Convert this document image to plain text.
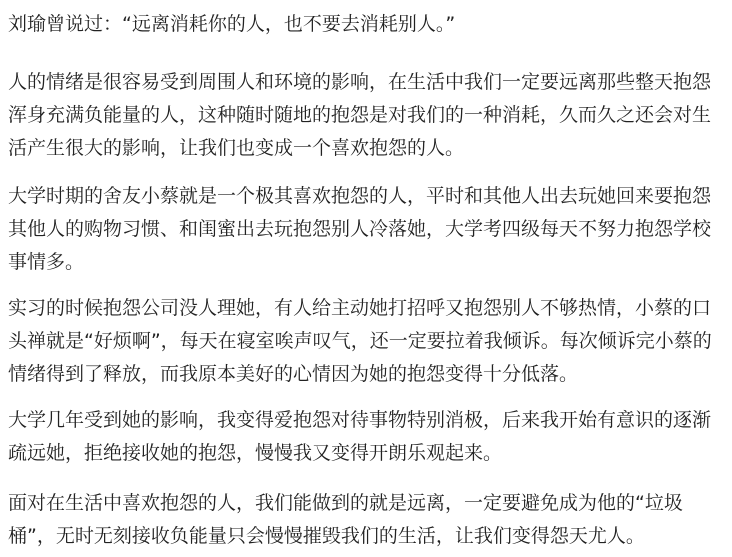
刘瑜曾说过：“远离消耗你的人，也不要去消耗别人。”

人的情绪是很容易受到周围人和环境的影响，在生活中我们一定要远离那些整天抱怨浑身充满负能量的人，这种随时随地的抱怨是对我们的一种消耗，久而久之还会对生活产生很大的影响，让我们也变成一个喜欢抱怨的人。

大学时期的舍友小蔡就是一个极其喜欢抱怨的人，平时和其他人出去玩她回来要抱怨其他人的购物习惯、和闺蜜出去玩抱怨别人冷落她，大学考四级每天不努力抱怨学校事情多。

实习的时候抱怨公司没人理她，有人给主动她打招呼又抱怨别人不够热情，小蔡的口头禅就是“好烦啊”，每天在寝室唉声叹气，还一定要拉着我倾诉。每次倾诉完小蔡的情绪得到了释放，而我原本美好的心情因为她的抱怨变得十分低落。

大学几年受到她的影响，我变得爱抱怨对待事物特别消极，后来我开始有意识的逐渐疏远她，拒绝接收她的抱怨，慢慢我又变得开朗乐观起来。

面对在生活中喜欢抱怨的人，我们能做到的就是远离，一定要避免成为他的“垃圾桶”，无时无刻接收负能量只会慢慢摧毁我们的生活，让我们变得怨天尤人。
